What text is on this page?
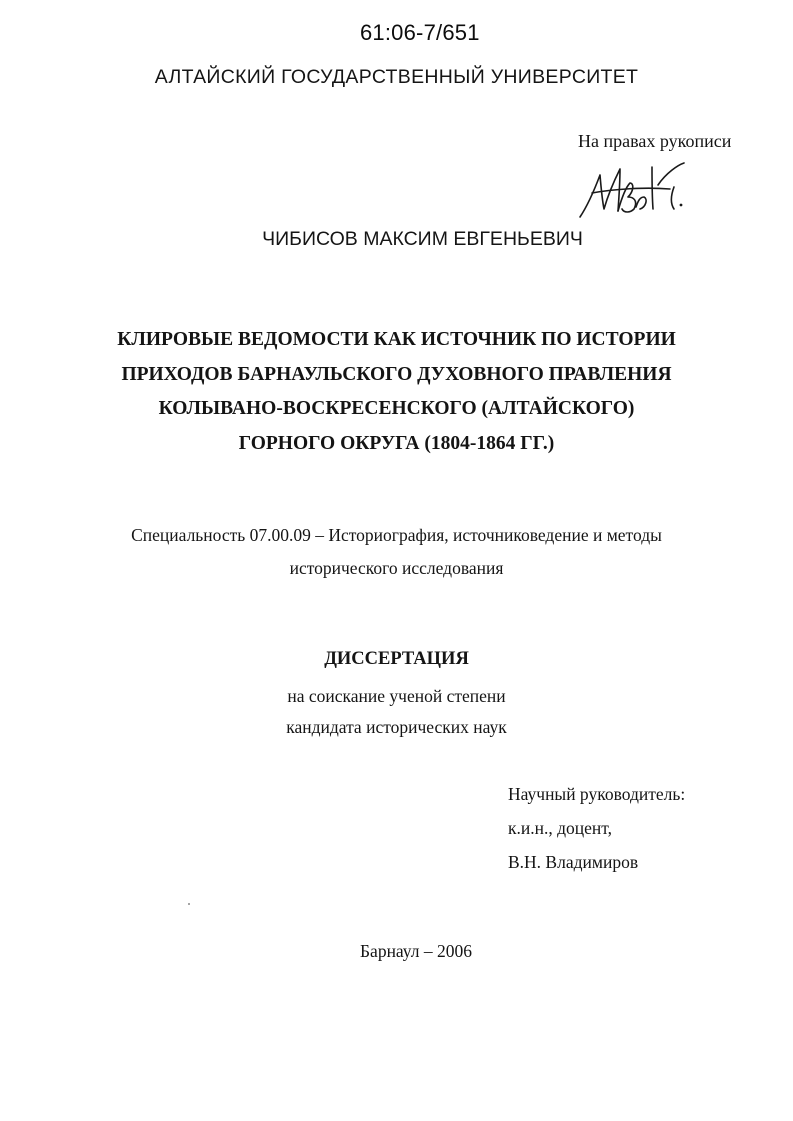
61:06-7/651
АЛТАЙСКИЙ ГОСУДАРСТВЕННЫЙ УНИВЕРСИТЕТ
На правах рукописи
ЧИБИСОВ МАКСИМ ЕВГЕНЬЕВИЧ
КЛИРОВЫЕ ВЕДОМОСТИ КАК ИСТОЧНИК ПО ИСТОРИИ
ПРИХОДОВ БАРНАУЛЬСКОГО ДУХОВНОГО ПРАВЛЕНИЯ
КОЛЫВАНО-ВОСКРЕСЕНСКОГО (АЛТАЙСКОГО)
ГОРНОГО ОКРУГА (1804-1864 ГГ.)
Специальность 07.00.09 – Историография, источниковедение и методы
исторического исследования
ДИССЕРТАЦИЯ
на соискание ученой степени
кандидата исторических наук
Научный руководитель:
к.и.н., доцент,
В.Н. Владимиров
Барнаул – 2006
